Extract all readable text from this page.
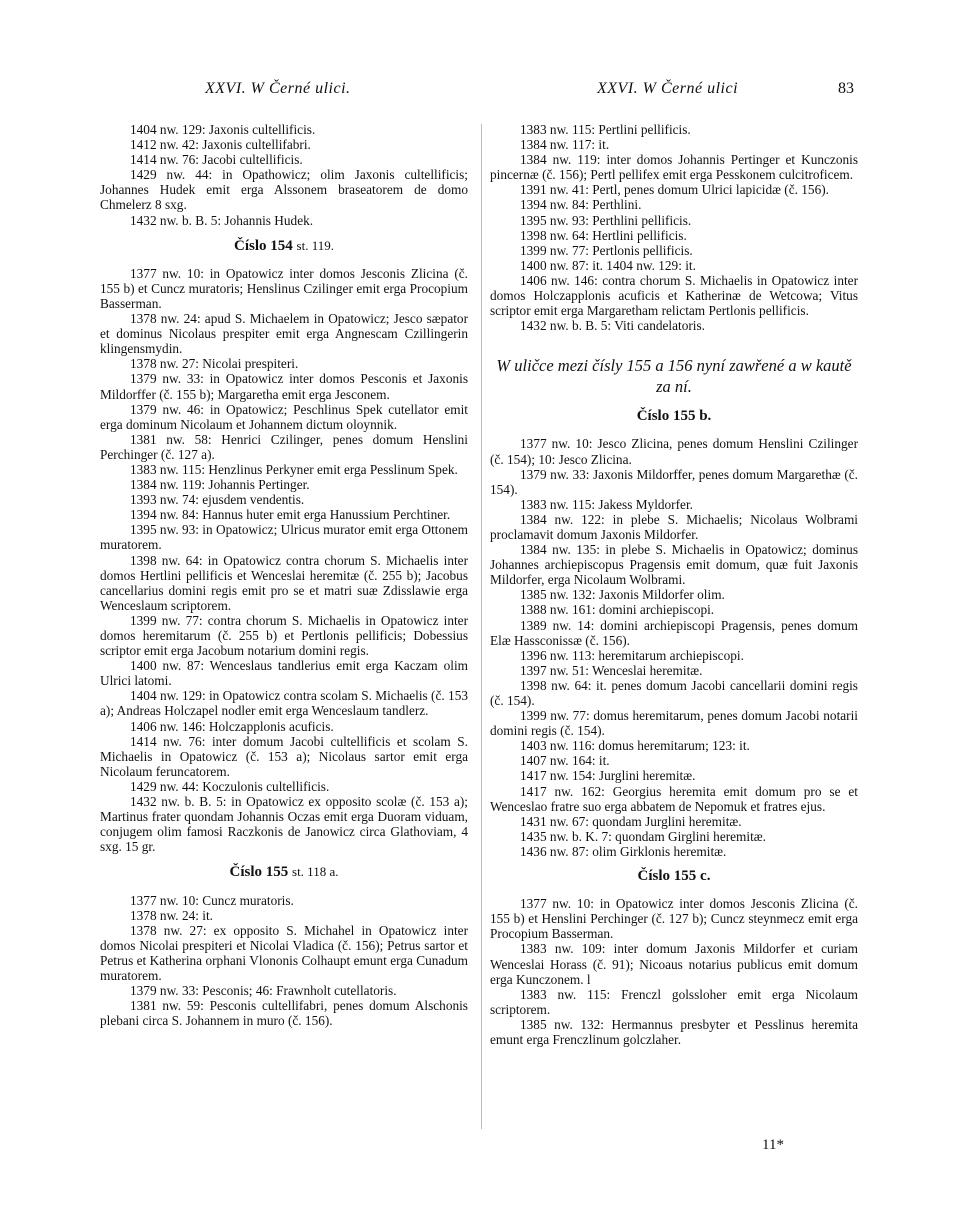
XXVI. W Černé ulici.	XXVI. W Černé ulici	83

1404 nw. 129: Jaxonis cultellificis.

1412 nw. 42: Jaxonis cultellifabri.

1414 nw. 76: Jacobi cultellificis.

1429 nw. 44: in Opathowicz; olim Jaxonis cultellificis; Johannes Hudek emit erga Alssonem braseatorem de domo Chmelerz 8 sxg.

1432 nw. b. B. 5: Johannis Hudek.

Číslo 154 st. 119.

1377 nw. 10: in Opatowicz inter domos Jesconis Zlicina (č. 155 b) et Cuncz muratoris; Henslinus Czilinger emit erga Procopium Basserman.

1378 nw. 24: apud S. Michaelem in Opatowicz; Jesco sæpator et dominus Nicolaus prespiter emit erga Angnescam Czillingerin klingensmydin.

1378 nw. 27: Nicolai prespiteri.

1379 nw. 33: in Opatowicz inter domos Pesconis et Jaxonis Mildorffer (č. 155 b); Margaretha emit erga Jesconem.

1379 nw. 46: in Opatowicz; Peschlinus Spek cutellator emit erga dominum Nicolaum et Johannem dictum oloynnik.

1381 nw. 58: Henrici Czilinger, penes domum Henslini Perchinger (č. 127 a).

1383 nw. 115: Henzlinus Perkyner emit erga Pesslinum Spek.

1384 nw. 119: Johannis Pertinger.

1393 nw. 74: ejusdem vendentis.

1394 nw. 84: Hannus huter emit erga Hanussium Perchtiner.

1395 nw. 93: in Opatowicz; Ulricus murator emit erga Ottonem muratorem.

1398 nw. 64: in Opatowicz contra chorum S. Michaelis inter domos Hertlini pellificis et Wenceslai heremitæ (č. 255 b); Jacobus cancellarius domini regis emit pro se et matri suæ Zdisslawie erga Wenceslaum scriptorem.

1399 nw. 77: contra chorum S. Michaelis in Opatowicz inter domos heremitarum (č. 255 b) et Pertlonis pellificis; Dobessius scriptor emit erga Jacobum notarium domini regis.

1400 nw. 87: Wenceslaus tandlerius emit erga Kaczam olim Ulrici latomi.

1404 nw. 129: in Opatowicz contra scolam S. Michaelis (č. 153 a); Andreas Holczapel nodler emit erga Wenceslaum tandlerz.

1406 nw. 146: Holczapplonis acuficis.

1414 nw. 76: inter domum Jacobi cultellificis et scolam S. Michaelis in Opatowicz (č. 153 a); Nicolaus sartor emit erga Nicolaum feruncatorem.

1429 nw. 44: Koczulonis cultellificis.

1432 nw. b. B. 5: in Opatowicz ex opposito scolæ (č. 153 a); Martinus frater quondam Johannis Oczas emit erga Duoram viduam, conjugem olim famosi Raczkonis de Janowicz circa Glathoviam, 4 sxg. 15 gr.

Číslo 155 st. 118 a.

1377 nw. 10: Cuncz muratoris.

1378 nw. 24: it.

1378 nw. 27: ex opposito S. Michahel in Opatowicz inter domos Nicolai prespiteri et Nicolai Vladica (č. 156); Petrus sartor et Petrus et Katherina orphani Vlononis Colhaupt emunt erga Cunadum muratorem.

1379 nw. 33: Pesconis; 46: Frawnholt cutellatoris.

1381 nw. 59: Pesconis cultellifabri, penes domum Alschonis plebani circa S. Johannem in muro (č. 156).

1383 nw. 115: Pertlini pellificis.

1384 nw. 117: it.

1384 nw. 119: inter domos Johannis Pertinger et Kunczonis pincernæ (č. 156); Pertl pellifex emit erga Pesskonem culcitroficem.

1391 nw. 41: Pertl, penes domum Ulrici lapicidæ (č. 156).

1394 nw. 84: Perthlini.

1395 nw. 93: Perthlini pellificis.

1398 nw. 64: Hertlini pellificis.

1399 nw. 77: Pertlonis pellificis.

1400 nw. 87: it. 1404 nw. 129: it.

1406 nw. 146: contra chorum S. Michaelis in Opatowicz inter domos Holczapplonis acuficis et Katherinæ de Wetcowa; Vitus scriptor emit erga Margaretham relictam Pertlonis pellificis.

1432 nw. b. B. 5: Viti candelatoris.

W uličce mezi čísly 155 a 156 nyní zawřené a w kautě za ní.
Číslo 155 b.

1377 nw. 10: Jesco Zlicina, penes domum Henslini Czilinger (č. 154); 10: Jesco Zlicina.

1379 nw. 33: Jaxonis Mildorffer, penes domum Margarethæ (č. 154).

1383 nw. 115: Jakess Myldorfer.

1384 nw. 122: in plebe S. Michaelis; Nicolaus Wolbrami proclamavit domum Jaxonis Mildorfer.

1384 nw. 135: in plebe S. Michaelis in Opatowicz; dominus Johannes archiepiscopus Pragensis emit domum, quæ fuit Jaxonis Mildorfer, erga Nicolaum Wolbrami.

1385 nw. 132: Jaxonis Mildorfer olim.

1388 nw. 161: domini archiepiscopi.

1389 nw. 14: domini archiepiscopi Pragensis, penes domum Elæ Hassconissæ (č. 156).

1396 nw. 113: heremitarum archiepiscopi.

1397 nw. 51: Wenceslai heremitæ.

1398 nw. 64: it. penes domum Jacobi cancellarii domini regis (č. 154).

1399 nw. 77: domus heremitarum, penes domum Jacobi notarii domini regis (č. 154).

1403 nw. 116: domus heremitarum; 123: it.

1407 nw. 164: it.

1417 nw. 154: Jurglini heremitæ.

1417 nw. 162: Georgius heremita emit domum pro se et Wenceslao fratre suo erga abbatem de Nepomuk et fratres ejus.

1431 nw. 67: quondam Jurglini heremitæ.

1435 nw. b. K. 7: quondam Girglini heremitæ.

1436 nw. 87: olim Girklonis heremitæ.

Číslo 155 c.

1377 nw. 10: in Opatowicz inter domos Jesconis Zlicina (č. 155 b) et Henslini Perchinger (č. 127 b); Cuncz steynmecz emit erga Procopium Basserman.

1383 nw. 109: inter domum Jaxonis Mildorfer et curiam Wenceslai Horass (č. 91); Nicoaus notarius publicus emit domum erga Kunczonem. l

1383 nw. 115: Frenczl golssloher emit erga Nicolaum scriptorem.

1385 nw. 132: Hermannus presbyter et Pesslinus heremita emunt erga Frenczlinum golczlaher.

11*
